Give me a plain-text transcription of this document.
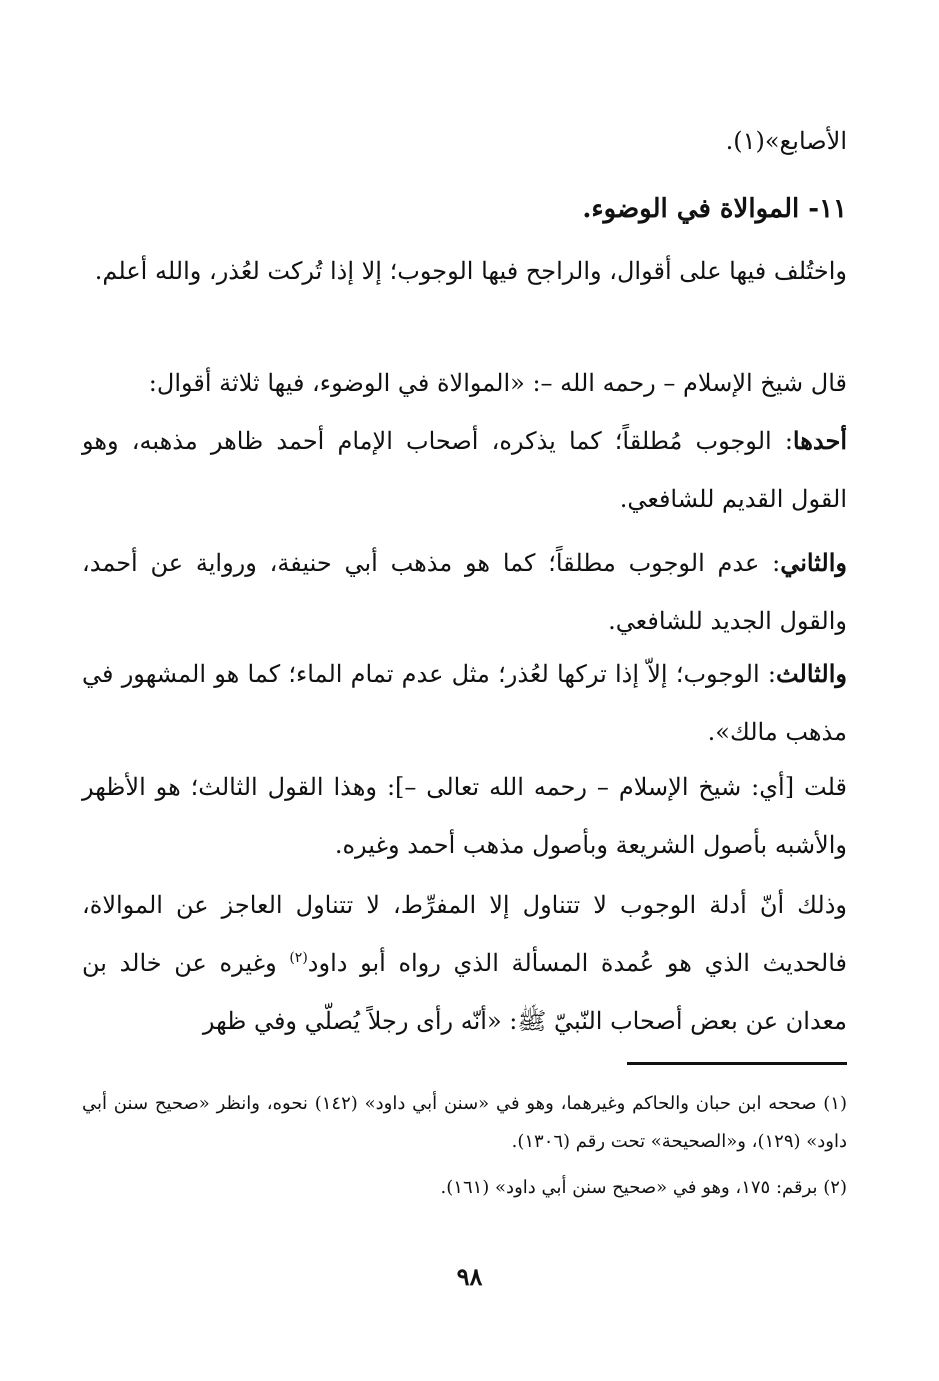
الأصابع»(١).
١١- الموالاة في الوضوء.
واختُلف فيها على أقوال، والراجح فيها الوجوب؛ إلا إذا تُركت لعُذر، والله أعلم.
قال شيخ الإسلام – رحمه الله –: «الموالاة في الوضوء، فيها ثلاثة أقوال:
أحدها: الوجوب مُطلقاً؛ كما يذكره، أصحاب الإمام أحمد ظاهر مذهبه، وهو القول القديم للشافعي.
والثاني: عدم الوجوب مطلقاً؛ كما هو مذهب أبي حنيفة، ورواية عن أحمد، والقول الجديد للشافعي.
والثالث: الوجوب؛ إلاّ إذا تركها لعُذر؛ مثل عدم تمام الماء؛ كما هو المشهور في مذهب مالك».
قلت [أي: شيخ الإسلام – رحمه الله تعالى –]: وهذا القول الثالث؛ هو الأظهر والأشبه بأصول الشريعة وبأصول مذهب أحمد وغيره.
وذلك أنّ أدلة الوجوب لا تتناول إلا المفرِّط، لا تتناول العاجز عن الموالاة، فالحديث الذي هو عُمدة المسألة الذي رواه أبو داود$^{(٢)}$ وغيره عن خالد بن معدان عن بعض أصحاب النّبيّ ﷺ: «أنّه رأى رجلاً يُصلّي وفي ظهر

(١) صححه ابن حبان والحاكم وغيرهما، وهو في «سنن أبي داود» (١٤٢) نحوه، وانظر «صحيح سنن أبي داود» (١٢٩)، و«الصحيحة» تحت رقم (١٣٠٦).

(٢) برقم: ١٧٥، وهو في «صحيح سنن أبي داود» (١٦١).

٩٨
